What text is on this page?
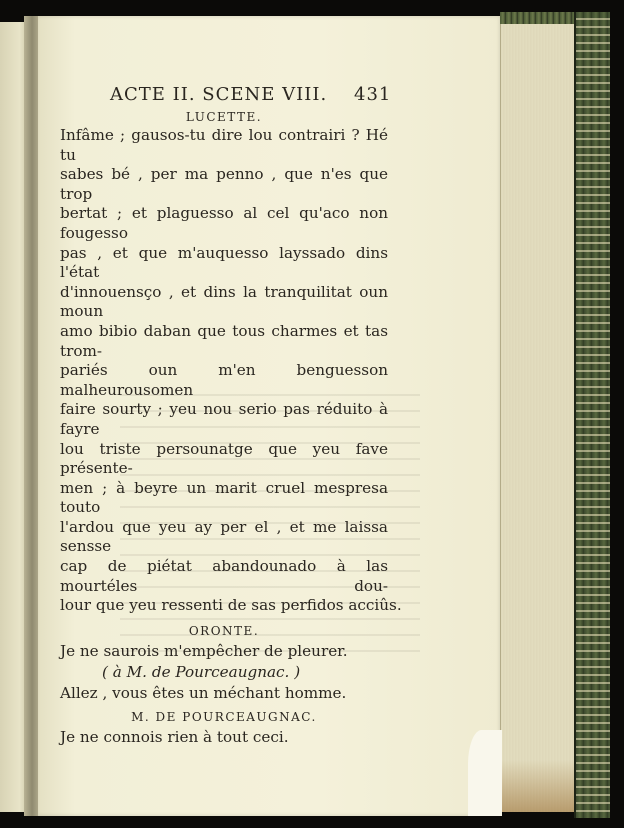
ACTE II. SCENE VIII. 431
LUCETTE.
Infâme ; gausos-tu dire lou contrairi ? Hé tu
sabes bé , per ma penno , que n'es que trop
bertat ; et plaguesso al cel qu'aco non fougesso
pas , et que m'auquesso layssado dins l'état
d'innouensço , et dins la tranquilitat oun moun
amo bibio daban que tous charmes et tas trom-
pariés oun m'en benguesson malheurousomen
faire sourty ; yeu nou serio pas réduito à fayre
lou triste persounatge que yeu fave présente-
men ; à beyre un marit cruel mespresa touto
l'ardou que yeu ay per el , et me laissa sensse
cap de piétat abandounado à las mourtéles dou-
lour que yeu ressenti de sas perfidos acciûs.
ORONTE.
Je ne saurois m'empêcher de pleurer.
( à M. de Pourceaugnac. )
Allez , vous êtes un méchant homme.
M. DE POURCEAUGNAC.
Je ne connois rien à tout ceci.
